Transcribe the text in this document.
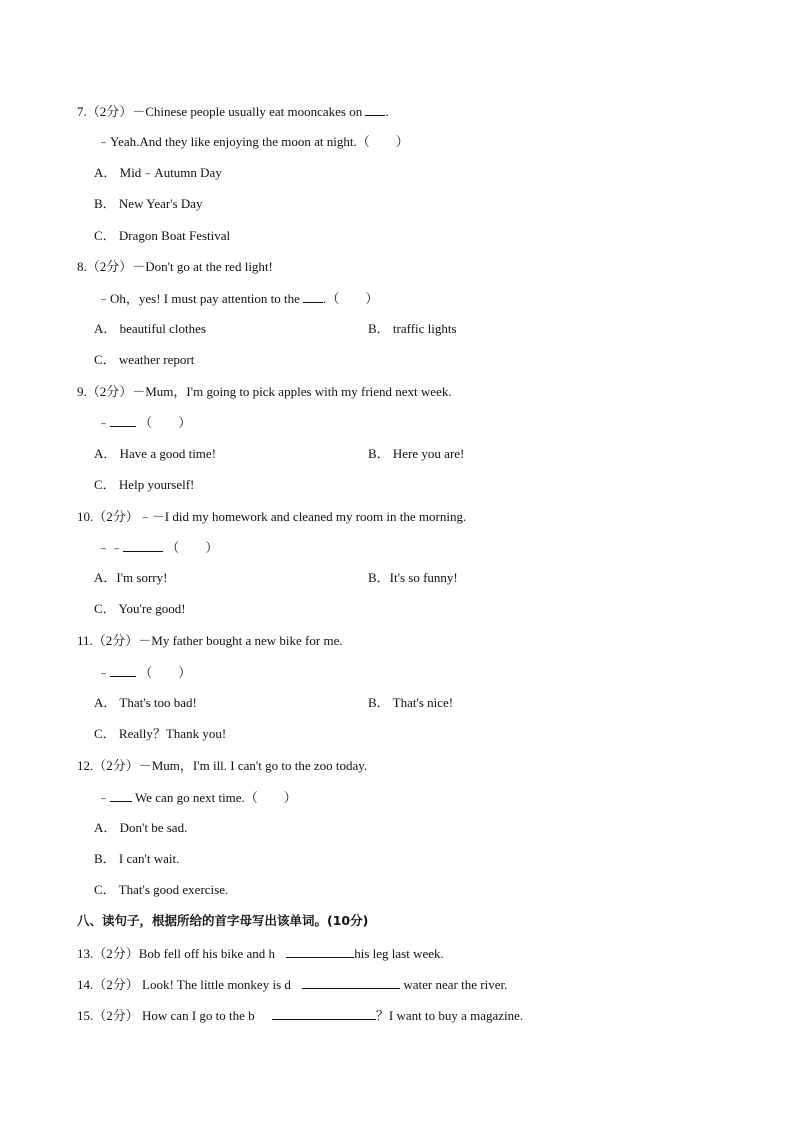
7.（2分）－Chinese people usually eat mooncakes on .
﹣Yeah.And they like enjoying the moon at night.（　　）
A． Mid﹣Autumn Day
B． New Year's Day
C． Dragon Boat Festival
8.（2分）－Don't go at the red light!
﹣Oh，yes! I must pay attention to the .（　　）
A． beautiful clothes	B． traffic lights
C． weather report
9.（2分）－Mum，I'm going to pick apples with my friend next week.
﹣ （　　）
A． Have a good time!	B． Here you are!
C． Help yourself!
10.（2分）﹣－I did my homework and cleaned my room in the morning.
﹣﹣	（　　）
A．I'm sorry!	B．It's so funny!
C． You're good!
11.（2分）－My father bought a new bike for me.
﹣ （　　）
A． That's too bad!	B． That's nice!
C． Really？Thank you!
12.（2分）－Mum，I'm ill. I can't go to the zoo today.
﹣ We can go next time.（　　）
A． Don't be sad.
B． I can't wait.
C． That's good exercise.
八、读句子，根据所给的首字母写出该单词。(10分)
13.（2分）Bob fell off his bike and h	his leg last week.
14.（2分） Look! The little monkey is d	water near the river.
15.（2分） How can I go to the b	？I want to buy a magazine.
